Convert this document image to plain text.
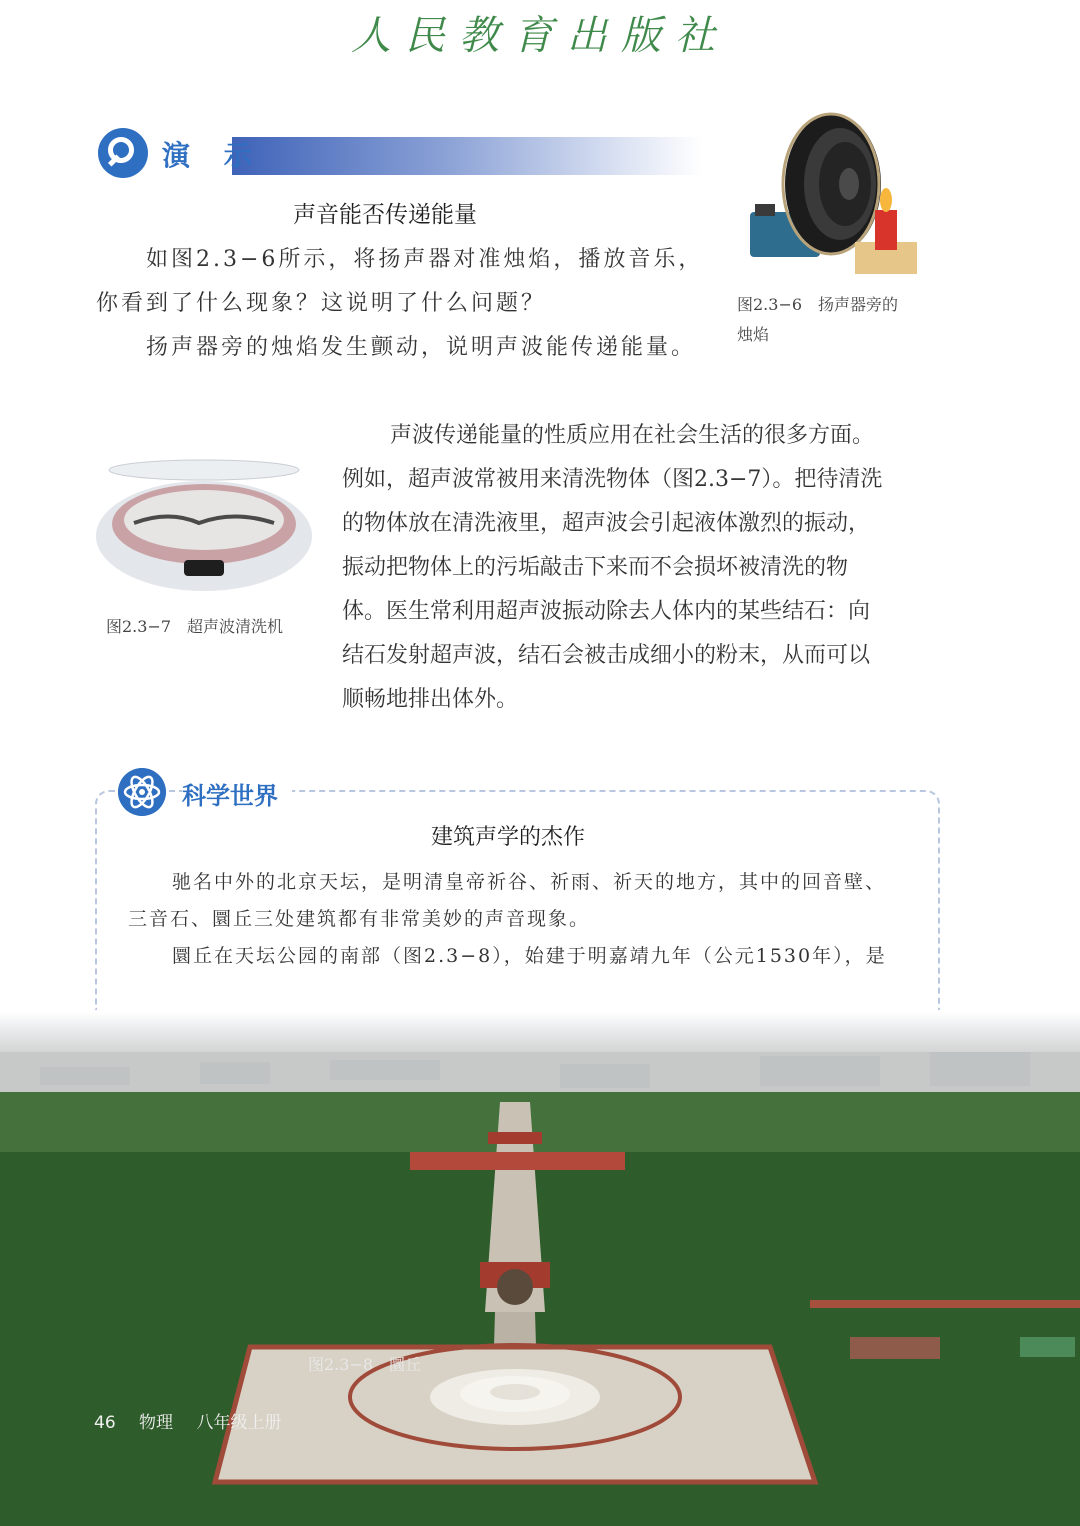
人民教育出版社
演 示
声音能否传递能量
如图2.3−6所示，将扬声器对准烛焰，播放音乐，
你看到了什么现象？这说明了什么问题？
扬声器旁的烛焰发生颤动，说明声波能传递能量。
图2.3−6　扬声器旁的
烛焰
图2.3−7　超声波清洗机
声波传递能量的性质应用在社会生活的很多方面。
例如，超声波常被用来清洗物体（图2.3−7）。把待清洗
的物体放在清洗液里，超声波会引起液体激烈的振动，
振动把物体上的污垢敲击下来而不会损坏被清洗的物
体。医生常利用超声波振动除去人体内的某些结石：向
结石发射超声波，结石会被击成细小的粉末，从而可以
顺畅地排出体外。
科学世界
建筑声学的杰作
驰名中外的北京天坛，是明清皇帝祈谷、祈雨、祈天的地方，其中的回音壁、
三音石、圜丘三处建筑都有非常美妙的声音现象。
圜丘在天坛公园的南部（图2.3−8），始建于明嘉靖九年（公元1530年），是
图2.3−8　圜丘
46 物理 八年级上册
